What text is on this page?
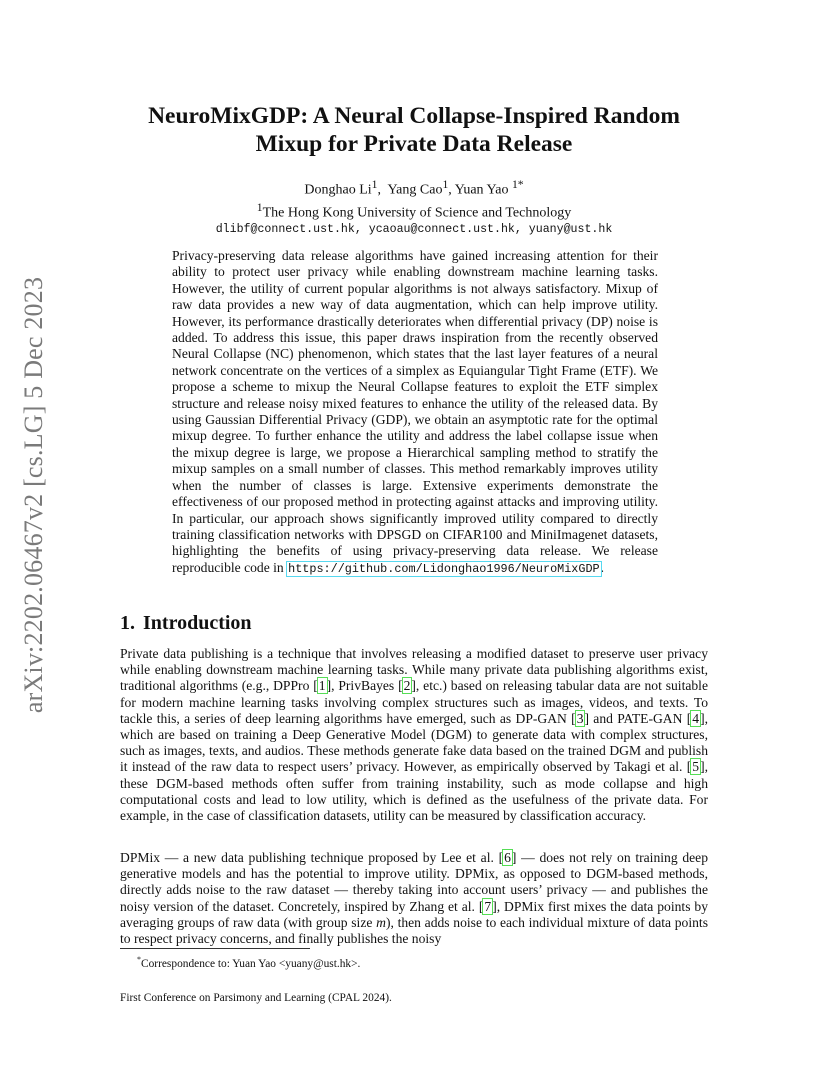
arXiv:2202.06467v2 [cs.LG] 5 Dec 2023
NeuroMixGDP: A Neural Collapse-Inspired Random
Mixup for Private Data Release
Donghao Li$^1$,  Yang Cao$^1$, Yuan Yao $^{1*}$
$^1$The Hong Kong University of Science and Technology
dlibf@connect.ust.hk, ycaoau@connect.ust.hk, yuany@ust.hk
Privacy-preserving data release algorithms have gained increasing attention for their ability to protect user privacy while enabling downstream machine learning tasks. However, the utility of current popular algorithms is not always satisfactory. Mixup of raw data provides a new way of data augmentation, which can help improve utility. However, its performance drastically deteriorates when differential privacy (DP) noise is added. To address this issue, this paper draws inspiration from the recently observed Neural Collapse (NC) phenomenon, which states that the last layer features of a neural network concentrate on the vertices of a simplex as Equiangular Tight Frame (ETF). We propose a scheme to mixup the Neural Collapse features to exploit the ETF simplex structure and release noisy mixed features to enhance the utility of the released data. By using Gaussian Differential Privacy (GDP), we obtain an asymptotic rate for the optimal mixup degree. To further enhance the utility and address the label collapse issue when the mixup degree is large, we propose a Hierarchical sampling method to stratify the mixup samples on a small number of classes. This method remarkably improves utility when the number of classes is large. Extensive experiments demonstrate the effectiveness of our proposed method in protecting against attacks and improving utility. In particular, our approach shows significantly improved utility compared to directly training classification networks with DPSGD on CIFAR100 and MiniImagenet datasets, highlighting the benefits of using privacy-preserving data release. We release reproducible code in https://github.com/Lidonghao1996/NeuroMixGDP.
1. Introduction
Private data publishing is a technique that involves releasing a modified dataset to preserve user privacy while enabling downstream machine learning tasks. While many private data publishing algorithms exist, traditional algorithms (e.g., DPPro [1], PrivBayes [2], etc.) based on releasing tabular data are not suitable for modern machine learning tasks involving complex structures such as images, videos, and texts. To tackle this, a series of deep learning algorithms have emerged, such as DP-GAN [3] and PATE-GAN [4], which are based on training a Deep Generative Model (DGM) to generate data with complex structures, such as images, texts, and audios. These methods generate fake data based on the trained DGM and publish it instead of the raw data to respect users’ privacy. However, as empirically observed by Takagi et al. [5], these DGM-based methods often suffer from training instability, such as mode collapse and high computational costs and lead to low utility, which is defined as the usefulness of the private data. For example, in the case of classification datasets, utility can be measured by classification accuracy.
DPMix — a new data publishing technique proposed by Lee et al. [6] — does not rely on training deep generative models and has the potential to improve utility. DPMix, as opposed to DGM-based methods, directly adds noise to the raw dataset — thereby taking into account users’ privacy — and publishes the noisy version of the dataset. Concretely, inspired by Zhang et al. [7], DPMix first mixes the data points by averaging groups of raw data (with group size m), then adds noise to each individual mixture of data points to respect privacy concerns, and finally publishes the noisy
*Correspondence to: Yuan Yao <yuany@ust.hk>.
First Conference on Parsimony and Learning (CPAL 2024).
